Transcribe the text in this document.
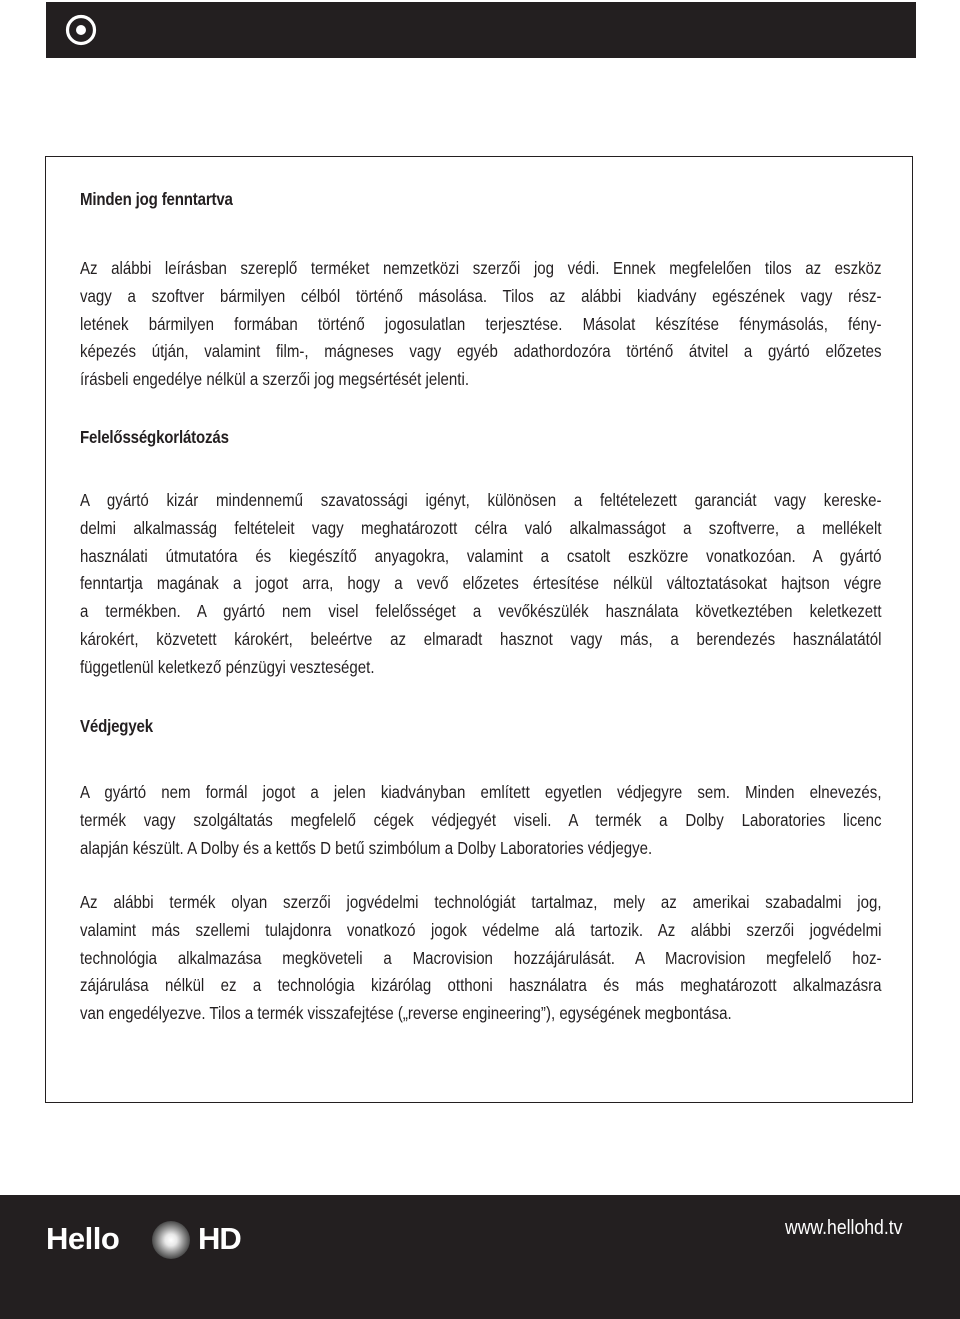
Minden jog fenntartva
Az alábbi leírásban szereplő terméket nemzetközi szerzői jog védi. Ennek megfelelően tilos az eszköz
vagy a szoftver bármilyen célból történő másolása. Tilos az alábbi kiadvány egészének vagy rész-
letének bármilyen formában történő jogosulatlan terjesztése. Másolat készítése fénymásolás, fény-
képezés útján, valamint film-, mágneses vagy egyéb adathordozóra történő átvitel a gyártó előzetes
írásbeli engedélye nélkül a szerzői jog megsértését jelenti.
Felelősségkorlátozás
A gyártó kizár mindennemű szavatossági igényt, különösen a feltételezett garanciát vagy kereske-
delmi alkalmasság feltételeit vagy meghatározott célra való alkalmasságot a szoftverre, a mellékelt
használati útmutatóra és kiegészítő anyagokra, valamint a csatolt eszközre vonatkozóan. A gyártó
fenntartja magának a jogot arra, hogy a vevő előzetes értesítése nélkül változtatásokat hajtson végre
a termékben. A gyártó nem visel felelősséget a vevőkészülék használata következtében keletkezett
károkért, közvetett károkért, beleértve az elmaradt hasznot vagy más, a berendezés használatától
függetlenül keletkező pénzügyi veszteséget.
Védjegyek
A gyártó nem formál jogot a jelen kiadványban említett egyetlen védjegyre sem. Minden elnevezés,
termék vagy szolgáltatás megfelelő cégek védjegyét viseli. A termék a Dolby Laboratories licenc
alapján készült. A Dolby és a kettős D betű szimbólum a Dolby Laboratories védjegye.
Az alábbi termék olyan szerzői jogvédelmi technológiát tartalmaz, mely az amerikai szabadalmi jog,
valamint más szellemi tulajdonra vonatkozó jogok védelme alá tartozik. Az alábbi szerzői jogvédelmi
technológia alkalmazása megköveteli a Macrovision hozzájárulását. A Macrovision megfelelő hoz-
zájárulása nélkül ez a technológia kizárólag otthoni használatra és más meghatározott alkalmazásra
van engedélyezve. Tilos a termék visszafejtése („reverse engineering”), egységének megbontása.
Hello	HD	www.hellohd.tv
